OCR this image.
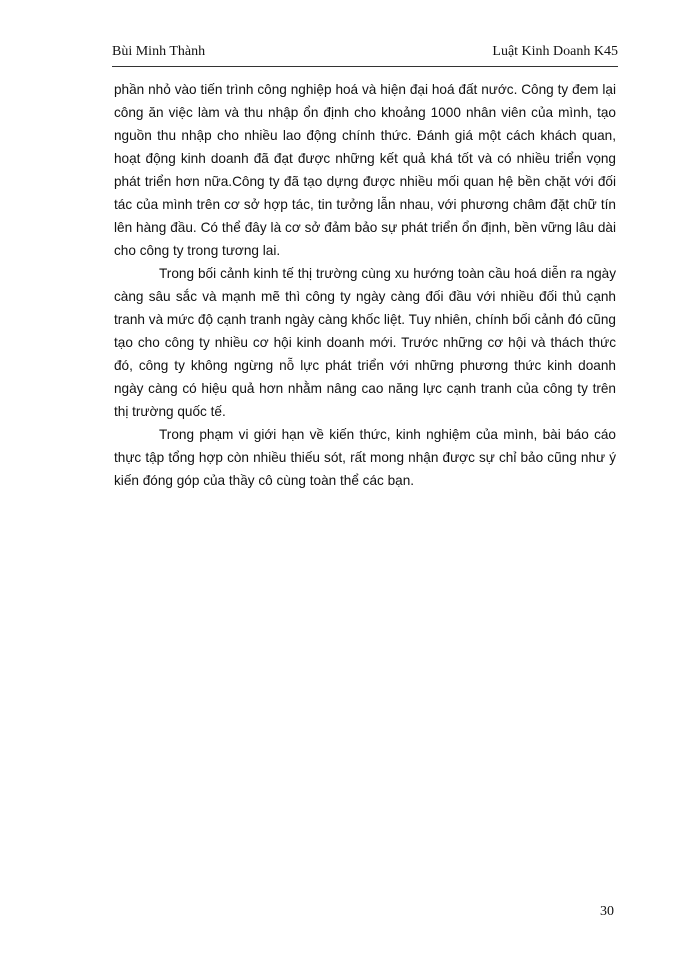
Bùi Minh Thành	Luật Kinh Doanh K45

phần nhỏ vào tiến trình công nghiệp hoá và hiện đại hoá đất nước. Công ty đem lại công ăn việc làm và thu nhập ổn định cho khoảng 1000 nhân viên của mình, tạo nguồn thu nhập cho nhiều lao động chính thức. Đánh giá một cách khách quan, hoạt động kinh doanh đã đạt được những kết quả khá tốt và có nhiều triển vọng phát triển hơn nữa.Công ty đã tạo dựng được nhiều mối quan hệ bền chặt với đối tác của mình trên cơ sở hợp tác, tin tưởng lẫn nhau, với phương châm đặt chữ tín lên hàng đầu. Có thể đây là cơ sở đảm bảo sự phát triển ổn định, bền vững lâu dài cho công ty trong tương lai.

Trong bối cảnh kinh tế thị trường cùng xu hướng toàn cầu hoá diễn ra ngày càng sâu sắc và mạnh mẽ thì công ty ngày càng đối đầu với nhiều đối thủ cạnh tranh và mức độ cạnh tranh ngày càng khốc liệt. Tuy nhiên, chính bối cảnh đó cũng tạo cho công ty nhiều cơ hội kinh doanh mới. Trước những cơ hội và thách thức đó, công ty không ngừng nỗ lực phát triển với những phương thức kinh doanh ngày càng có hiệu quả hơn nhằm nâng cao năng lực cạnh tranh của công ty trên thị trường quốc tế.

Trong phạm vi giới hạn về kiến thức, kinh nghiệm của mình, bài báo cáo thực tập tổng hợp còn nhiều thiếu sót, rất mong nhận được sự chỉ bảo cũng như ý kiến đóng góp của thầy cô cùng toàn thể các bạn.

30
